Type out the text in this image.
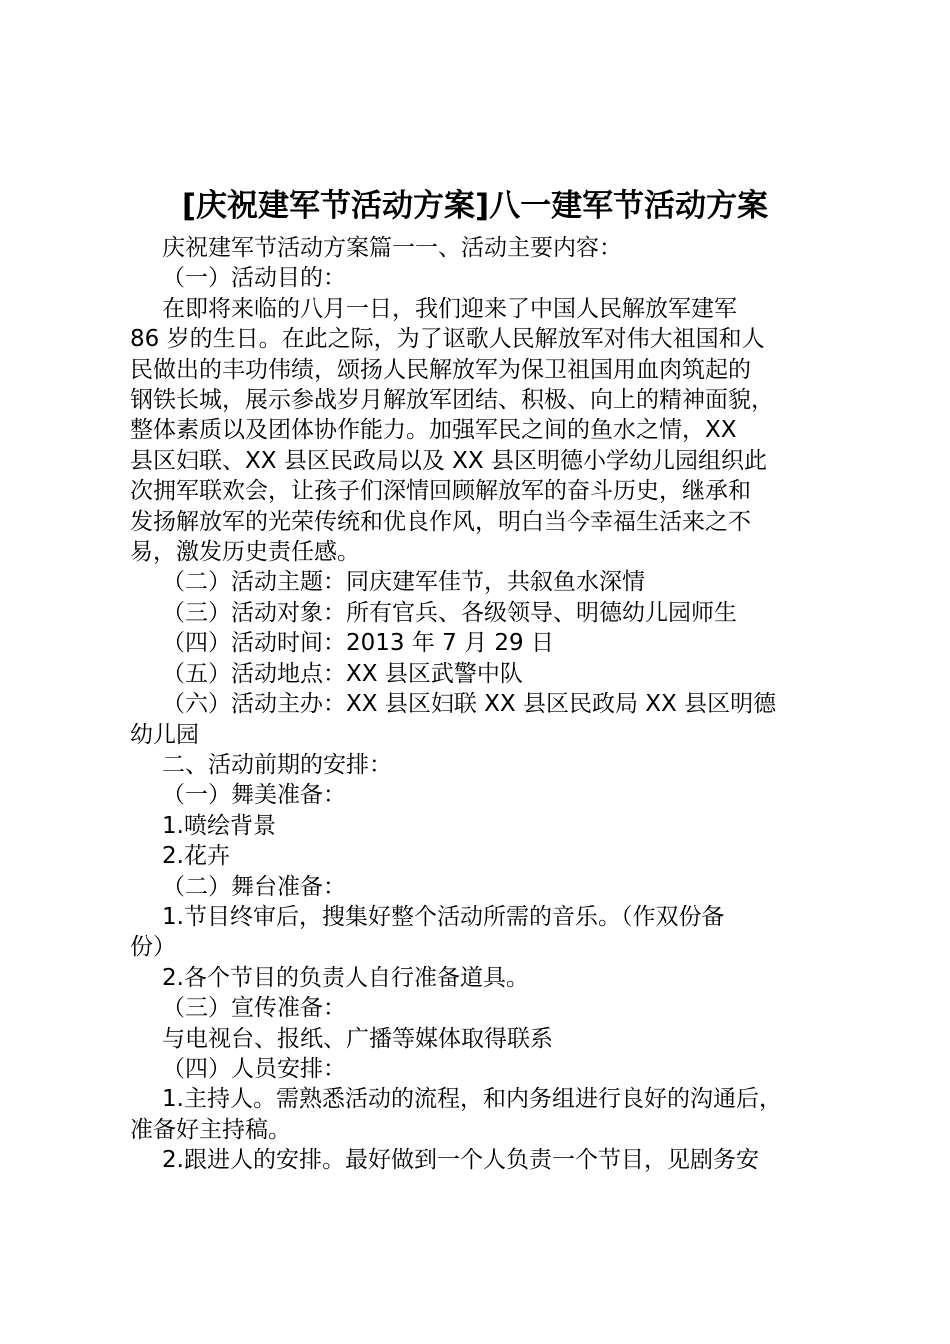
[庆祝建军节活动方案]八一建军节活动方案

庆祝建军节活动方案篇一一、活动主要内容：

（一）活动目的：

在即将来临的八月一日，我们迎来了中国人民解放军建军

86 岁的生日。在此之际，为了讴歌人民解放军对伟大祖国和人

民做出的丰功伟绩，颂扬人民解放军为保卫祖国用血肉筑起的

钢铁长城，展示参战岁月解放军团结、积极、向上的精神面貌，

整体素质以及团体协作能力。加强军民之间的鱼水之情，XX

县区妇联、XX 县区民政局以及 XX 县区明德小学幼儿园组织此

次拥军联欢会，让孩子们深情回顾解放军的奋斗历史，继承和

发扬解放军的光荣传统和优良作风，明白当今幸福生活来之不

易，激发历史责任感。

（二）活动主题：同庆建军佳节，共叙鱼水深情

（三）活动对象：所有官兵、各级领导、明德幼儿园师生

（四）活动时间：2013 年 7 月 29 日

（五）活动地点：XX 县区武警中队

（六）活动主办：XX 县区妇联 XX 县区民政局 XX 县区明德

幼儿园

二、活动前期的安排：

（一）舞美准备：

1.喷绘背景

2.花卉

（二）舞台准备：

1.节目终审后，搜集好整个活动所需的音乐。（作双份备

份）

2.各个节目的负责人自行准备道具。

（三）宣传准备：

与电视台、报纸、广播等媒体取得联系

（四）人员安排：

1.主持人。需熟悉活动的流程，和内务组进行良好的沟通后，

准备好主持稿。

2.跟进人的安排。最好做到一个人负责一个节目，见剧务安
